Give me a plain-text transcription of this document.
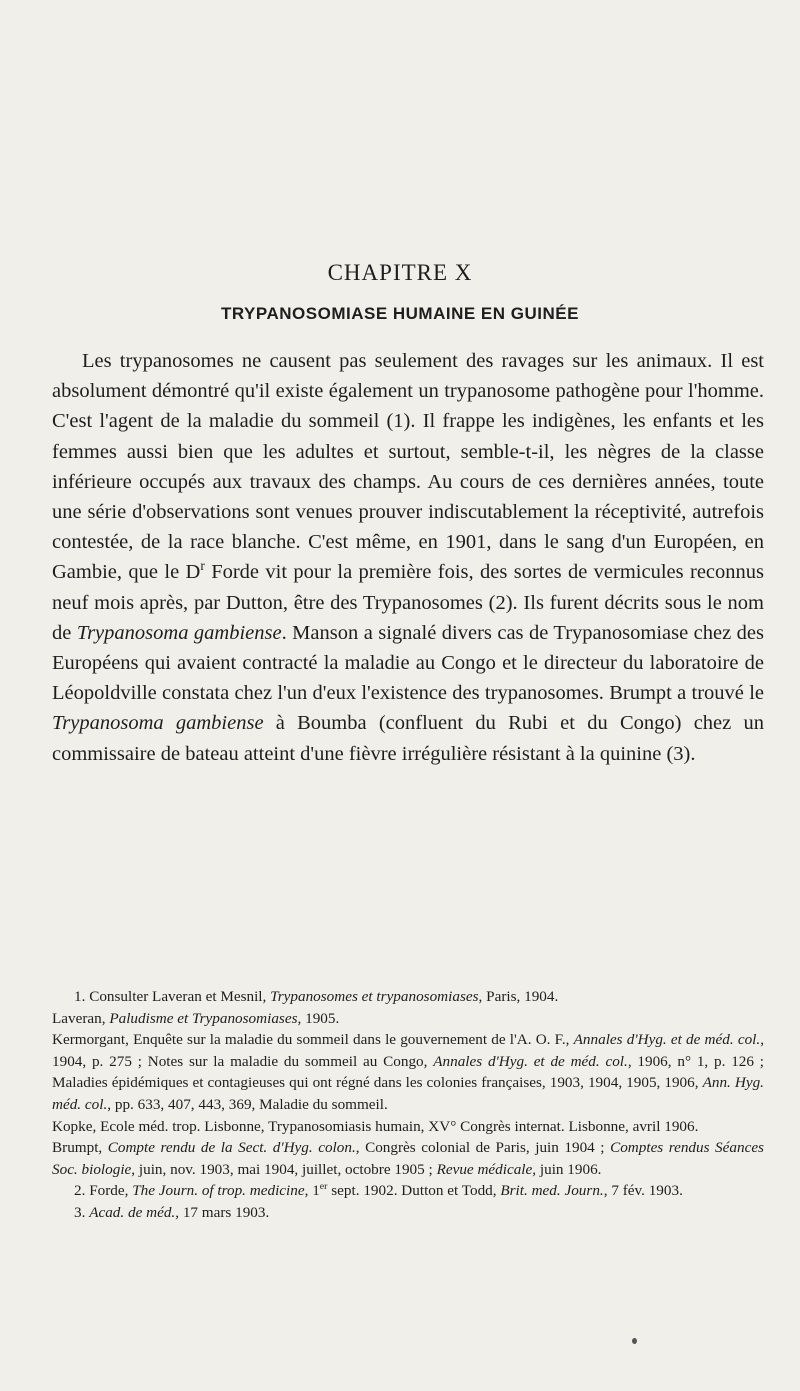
CHAPITRE X
TRYPANOSOMIASE HUMAINE EN GUINÉE
Les trypanosomes ne causent pas seulement des ravages sur les animaux. Il est absolument démontré qu'il existe également un trypanosome pathogène pour l'homme. C'est l'agent de la maladie du sommeil (1). Il frappe les indigènes, les enfants et les femmes aussi bien que les adultes et surtout, semble-t-il, les nègres de la classe inférieure occupés aux travaux des champs. Au cours de ces dernières années, toute une série d'observations sont venues prouver indiscutablement la réceptivité, autrefois contestée, de la race blanche. C'est même, en 1901, dans le sang d'un Européen, en Gambie, que le $D^r$ Forde vit pour la première fois, des sortes de vermicules reconnus neuf mois après, par Dutton, être des Trypanosomes (2). Ils furent décrits sous le nom de Trypanosoma gambiense. Manson a signalé divers cas de Trypanosomiase chez des Européens qui avaient contracté la maladie au Congo et le directeur du laboratoire de Léopoldville constata chez l'un d'eux l'existence des trypanosomes. Brumpt a trouvé le Trypanosoma gambiense à Boumba (confluent du Rubi et du Congo) chez un commissaire de bateau atteint d'une fièvre irrégulière résistant à la quinine (3).

1. Consulter Laveran et Mesnil, Trypanosomes et trypanosomiases, Paris, 1904.

Laveran, Paludisme et Trypanosomiases, 1905.

Kermorgant, Enquête sur la maladie du sommeil dans le gouvernement de l'A. O. F., Annales d'Hyg. et de méd. col., 1904, p. 275 ; Notes sur la maladie du sommeil au Congo, Annales d'Hyg. et de méd. col., 1906, n° 1, p. 126 ; Maladies épidémiques et contagieuses qui ont régné dans les colonies françaises, 1903, 1904, 1905, 1906, Ann. Hyg. méd. col., pp. 633, 407, 443, 369, Maladie du sommeil.

Kopke, Ecole méd. trop. Lisbonne, Trypanosomiasis humain, XV° Congrès internat. Lisbonne, avril 1906.

Brumpt, Compte rendu de la Sect. d'Hyg. colon., Congrès colonial de Paris, juin 1904 ; Comptes rendus Séances Soc. biologie, juin, nov. 1903, mai 1904, juillet, octobre 1905 ; Revue médicale, juin 1906.

2. Forde, The Journ. of trop. medicine, 1er sept. 1902. Dutton et Todd, Brit. med. Journ., 7 fév. 1903.

3. Acad. de méd., 17 mars 1903.
